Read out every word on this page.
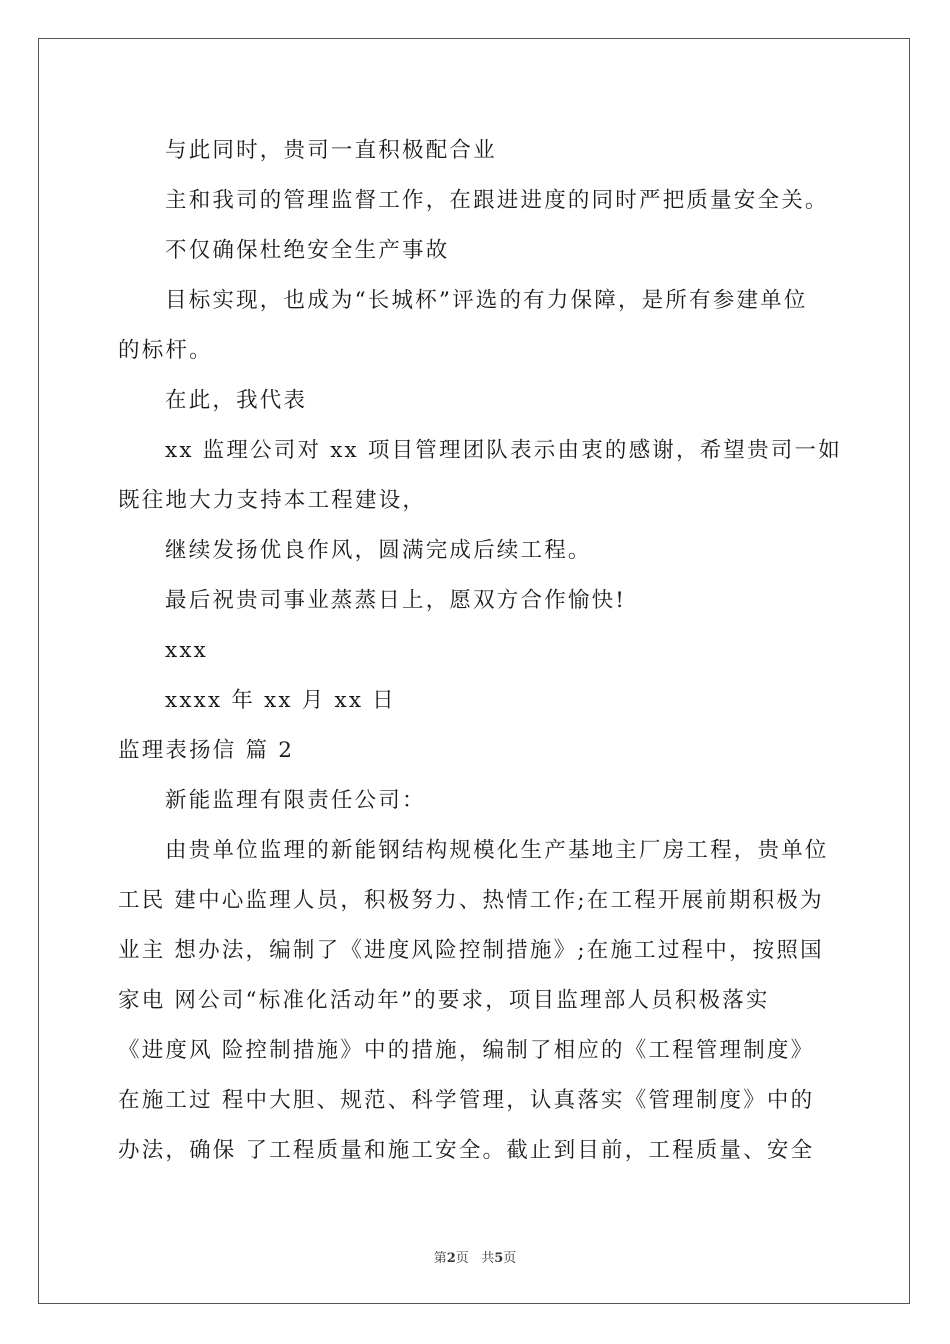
与此同时，贵司一直积极配合业
主和我司的管理监督工作，在跟进进度的同时严把质量安全关。
不仅确保杜绝安全生产事故
目标实现，也成为“长城杯”评选的有力保障，是所有参建单位
的标杆。
在此，我代表
xx 监理公司对 xx 项目管理团队表示由衷的感谢，希望贵司一如
既往地大力支持本工程建设，
继续发扬优良作风，圆满完成后续工程。
最后祝贵司事业蒸蒸日上，愿双方合作愉快!
xxx
xxxx 年 xx 月 xx 日
监理表扬信 篇 2
新能监理有限责任公司：
由贵单位监理的新能钢结构规模化生产基地主厂房工程，贵单位
工民 建中心监理人员，积极努力、热情工作;在工程开展前期积极为
业主 想办法，编制了《进度风险控制措施》;在施工过程中，按照国
家电 网公司“标准化活动年”的要求，项目监理部人员积极落实
《进度风 险控制措施》中的措施，编制了相应的《工程管理制度》
在施工过 程中大胆、规范、科学管理，认真落实《管理制度》中的
办法，确保 了工程质量和施工安全。截止到目前，工程质量、安全
第2页 共5页
